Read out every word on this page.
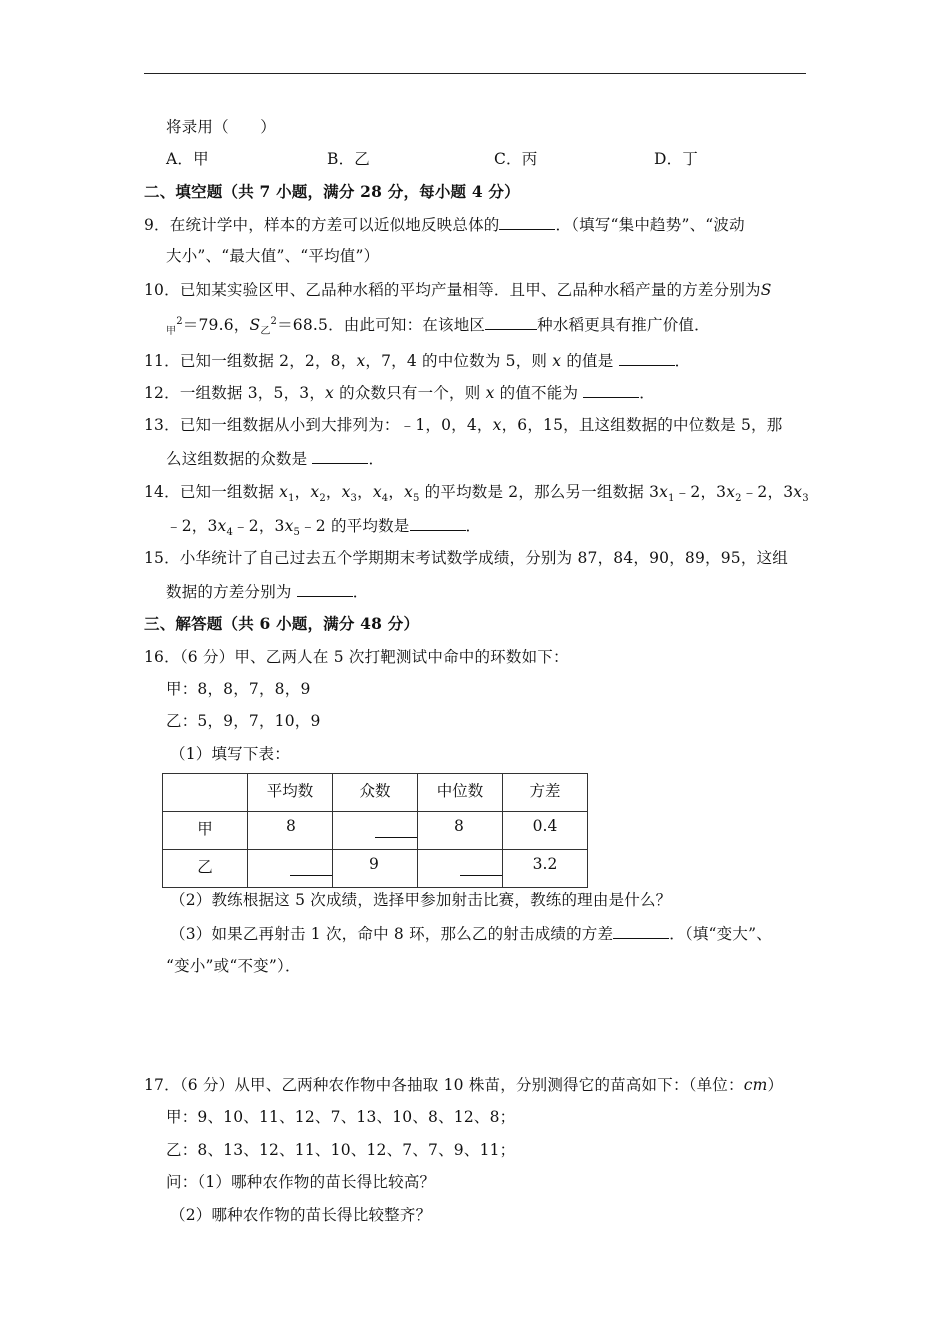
将录用（　　）
A．甲	B．乙	C．丙	D．丁
二、填空题（共 7 小题，满分 28 分，每小题 4 分）
9．在统计学中，样本的方差可以近似地反映总体的	．（填写“集中趋势”、“波动
大小”、“最大值”、“平均值”）
10．已知某实验区甲、乙品种水稻的平均产量相等．且甲、乙品种水稻产量的方差分别为S
$_甲^2$＝79.6，$S_乙^2=68.5$．由此可知：在该地区	种水稻更具有推广价值．
11．已知一组数据 2，2，8，x，7，4 的中位数为 5，则 x 的值是	．
12．一组数据 3，5，3，x 的众数只有一个，则 x 的值不能为	．
13．已知一组数据从小到大排列为：﹣1，0，4，x，6，15，且这组数据的中位数是 5，那
么这组数据的众数是	．
14．已知一组数据 $x_1$，$x_2$，$x_3$，$x_4$，$x_5$ 的平均数是 2，那么另一组数据 $3x_1﹣2$，$3x_2﹣2$，$3x_3$
﹣2，$3x_4﹣2$，$3x_5﹣2$ 的平均数是	．
15．小华统计了自己过去五个学期期末考试数学成绩，分别为 87，84，90，89，95，这组
数据的方差分别为	．
三、解答题（共 6 小题，满分 48 分）
16．（6 分）甲、乙两人在 5 次打靶测试中命中的环数如下：
甲：8，8，7，8，9
乙：5，9，7，10，9
（1）填写下表：

	平均数	众数	中位数	方差

甲	8		8	0.4

乙		9		3.2
（2）教练根据这 5 次成绩，选择甲参加射击比赛，教练的理由是什么？
（3）如果乙再射击 1 次，命中 8 环，那么乙的射击成绩的方差	．（填“变大”、
“变小”或“不变”）．
17．（6 分）从甲、乙两种农作物中各抽取 10 株苗，分别测得它的苗高如下：（单位：cm）
甲：9、10、11、12、7、13、10、8、12、8；
乙：8、13、12、11、10、12、7、7、9、11；
问：（1）哪种农作物的苗长得比较高？
（2）哪种农作物的苗长得比较整齐？
